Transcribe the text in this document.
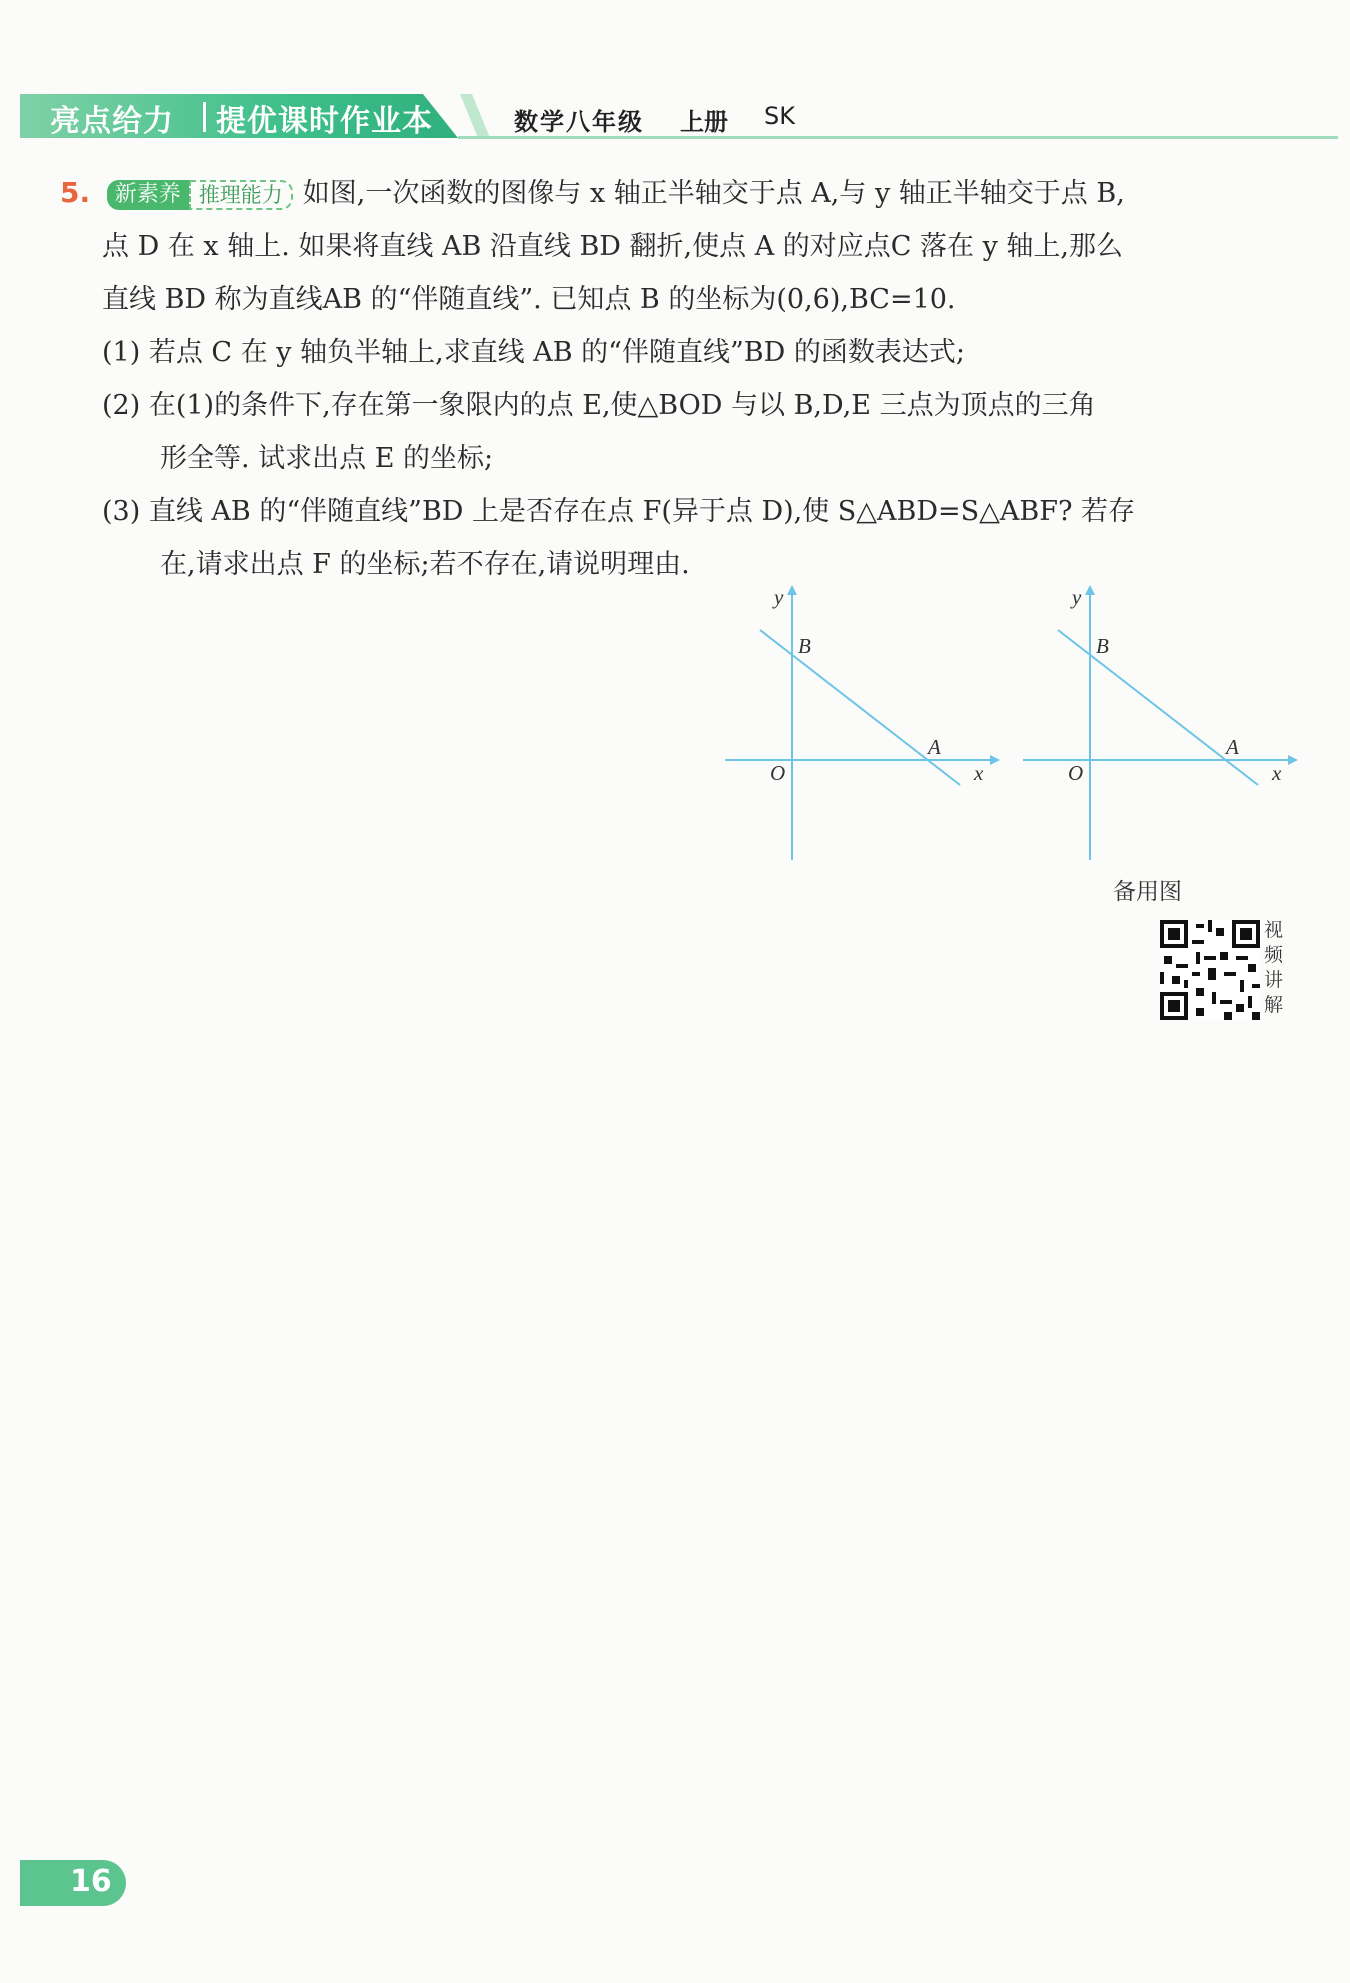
亮点给力 提优课时作业本	数学八年级 上册 SK
5. 新素养 推理能力 如图,一次函数的图像与 x 轴正半轴交于点 A,与 y 轴正半轴交于点 B,
点 D 在 x 轴上. 如果将直线 AB 沿直线 BD 翻折,使点 A 的对应点C 落在 y 轴上,那么
直线 BD 称为直线AB 的“伴随直线”. 已知点 B 的坐标为(0,6),BC=10.
(1) 若点 C 在 y 轴负半轴上,求直线 AB 的“伴随直线”BD 的函数表达式;
(2) 在(1)的条件下,存在第一象限内的点 E,使△BOD 与以 B,D,E 三点为顶点的三角
形全等. 试求出点 E 的坐标;
(3) 直线 AB 的“伴随直线”BD 上是否存在点 F(异于点 D),使 S△ABD=S△ABF? 若存
在,请求出点 F 的坐标;若不存在,请说明理由.
y
x
O
B
A
y
x
O
B
A
备用图
视频讲解
16
